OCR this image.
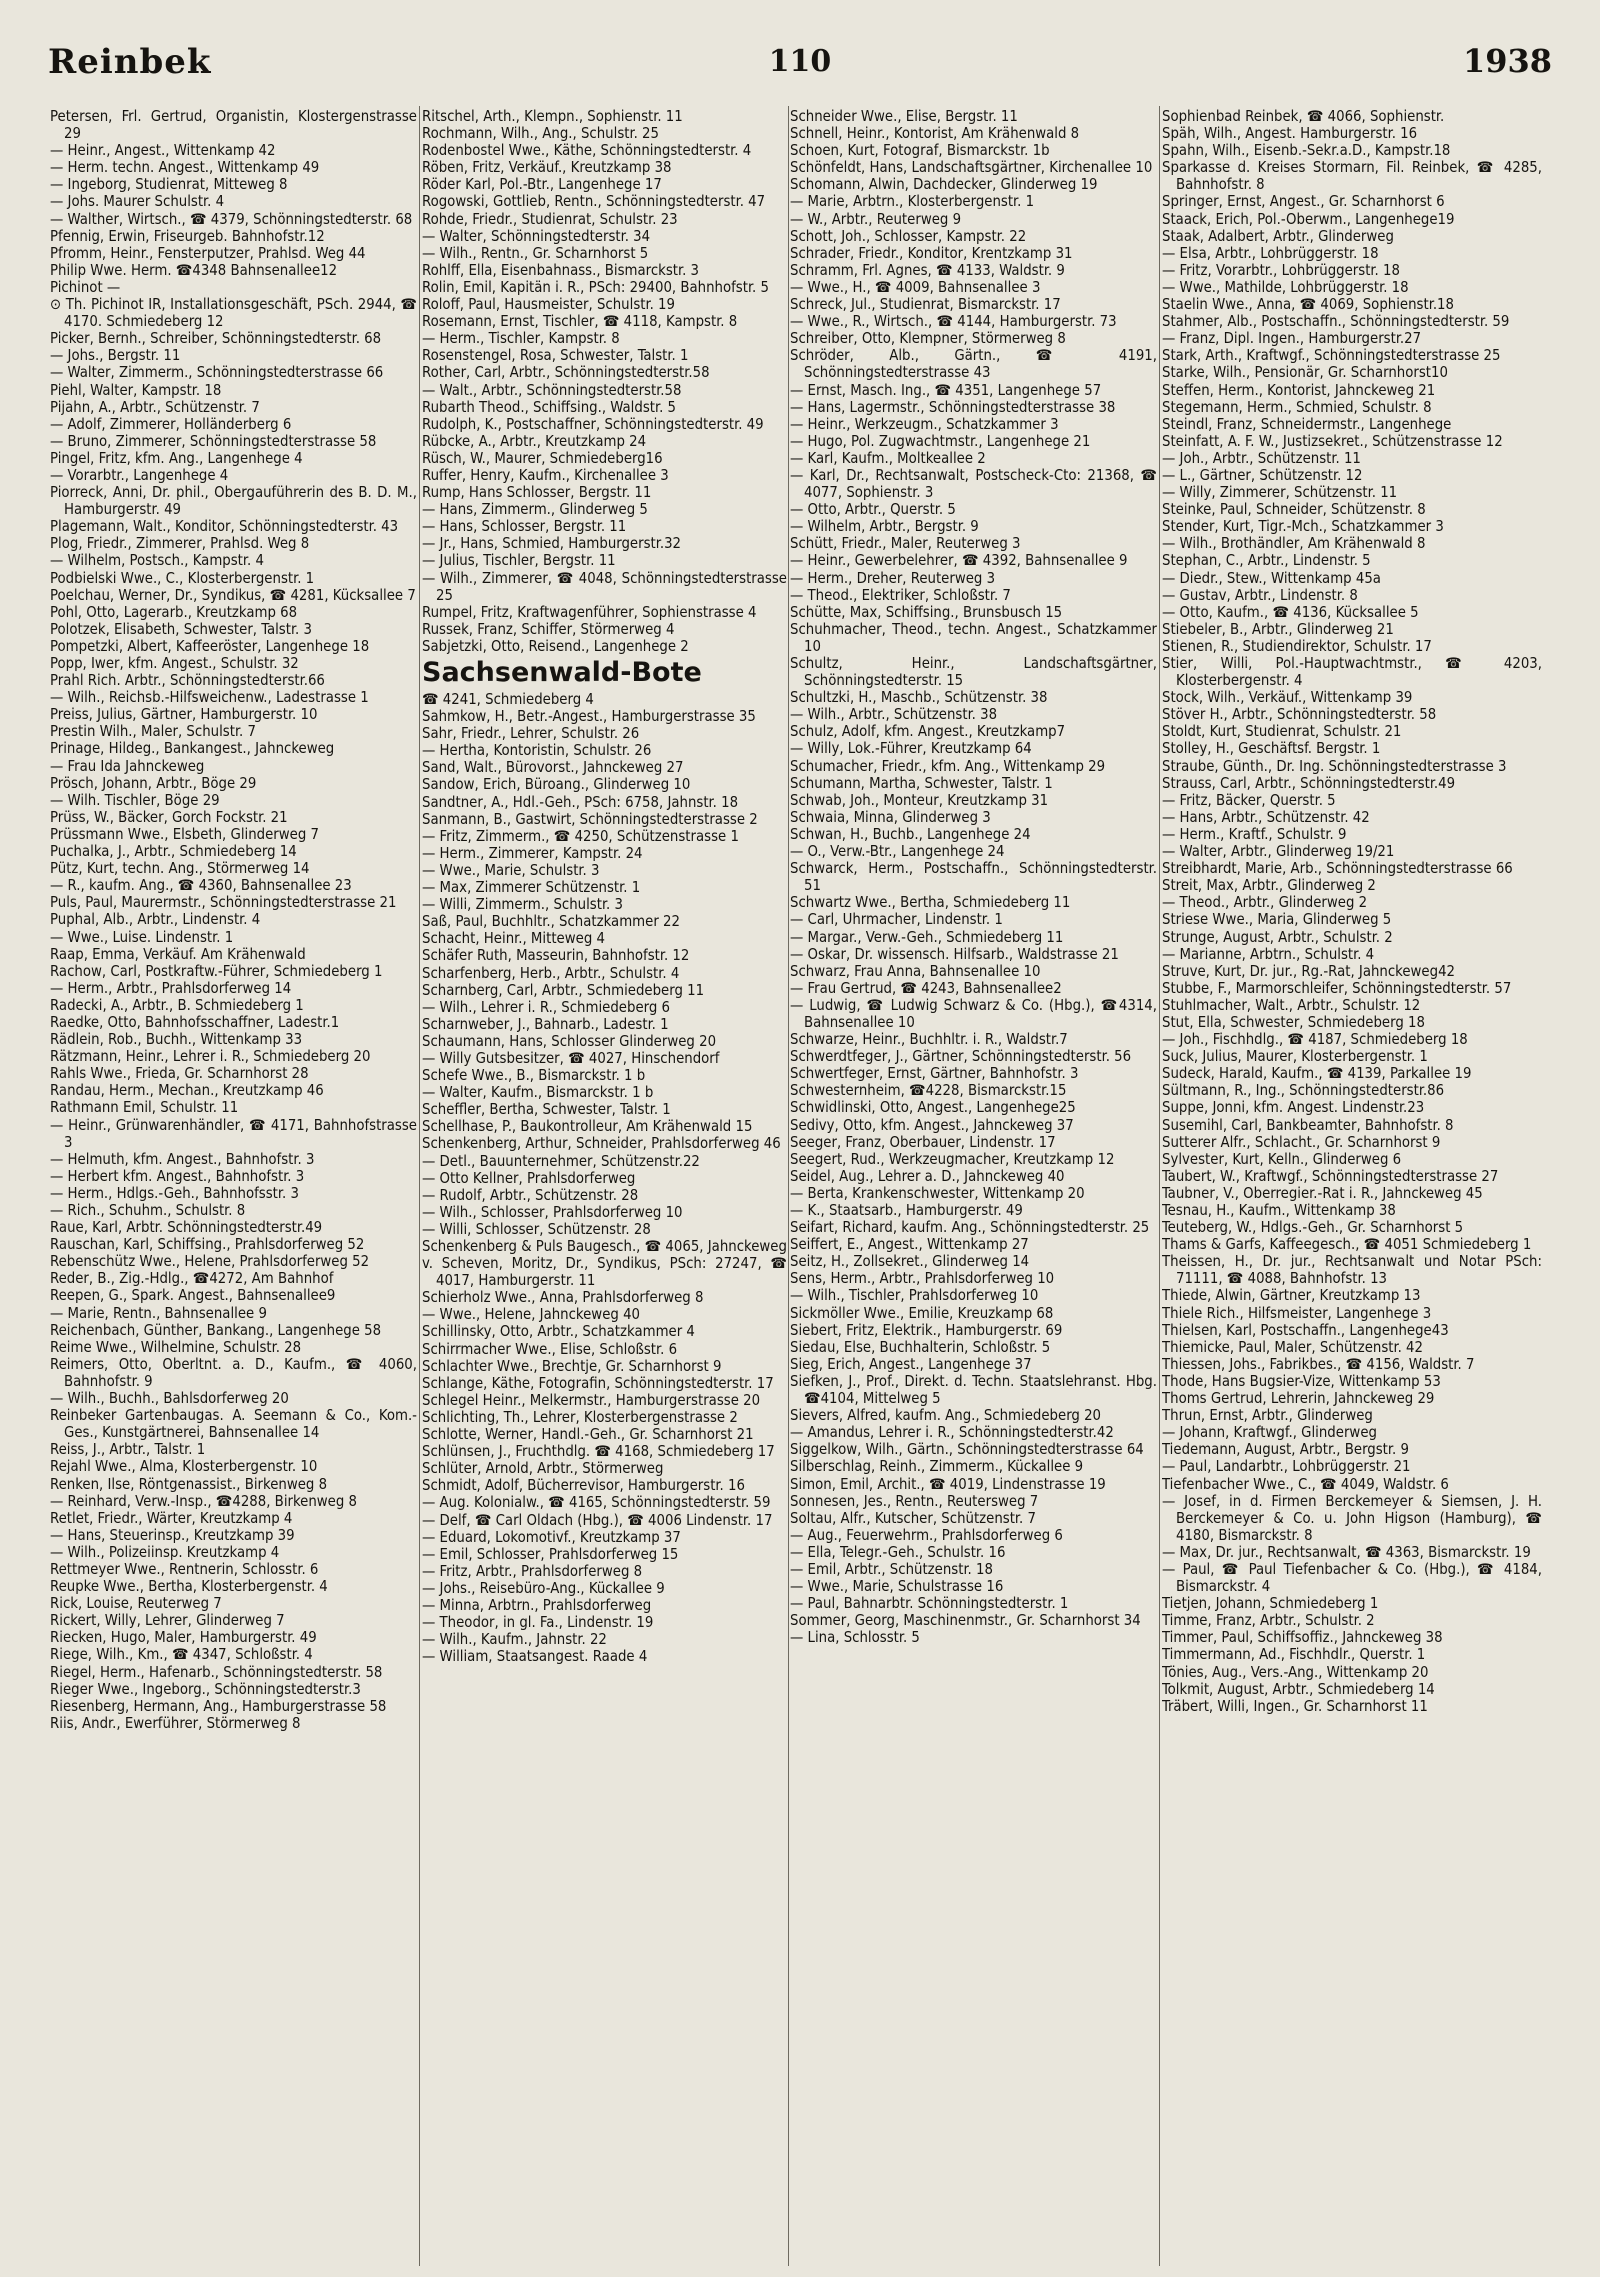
110
Reinbek	1938
Petersen, Frl. Gertrud, Organistin, Klostergenstrasse 29
— Heinr., Angest., Wittenkamp 42
— Herm. techn. Angest., Wittenkamp 49
— Ingeborg, Studienrat, Mitteweg 8
— Johs. Maurer Schulstr. 4
— Walther, Wirtsch., ☎ 4379, Schönningstedterstr. 68
Pfennig, Erwin, Friseurgeb. Bahnhofstr.12
Pfromm, Heinr., Fensterputzer, Prahlsd. Weg 44
Philip Wwe. Herm. ☎4348 Bahnsenallee12
Pichinot —
⊙ Th. Pichinot IR, Installationsgeschäft, PSch. 2944, ☎ 4170. Schmiedeberg 12
Picker, Bernh., Schreiber, Schönningstedterstr. 68
— Johs., Bergstr. 11
— Walter, Zimmerm., Schönningstedterstrasse 66
Piehl, Walter, Kampstr. 18
Pijahn, A., Arbtr., Schützenstr. 7
— Adolf, Zimmerer, Holländerberg 6
— Bruno, Zimmerer, Schönningstedterstrasse 58
Pingel, Fritz, kfm. Ang., Langenhege 4
— Vorarbtr., Langenhege 4
Piorreck, Anni, Dr. phil., Obergauführerin des B. D. M., Hamburgerstr. 49
Plagemann, Walt., Konditor, Schönningstedterstr. 43
Plog, Friedr., Zimmerer, Prahlsd. Weg 8
— Wilhelm, Postsch., Kampstr. 4
Podbielski Wwe., C., Klosterbergenstr. 1
Poelchau, Werner, Dr., Syndikus, ☎ 4281, Kücksallee 7
Pohl, Otto, Lagerarb., Kreutzkamp 68
Polotzek, Elisabeth, Schwester, Talstr. 3
Pompetzki, Albert, Kaffeeröster, Langenhege 18
Popp, Iwer, kfm. Angest., Schulstr. 32
Prahl Rich. Arbtr., Schönningstedterstr.66
— Wilh., Reichsb.-Hilfsweichenw., Ladestrasse 1
Preiss, Julius, Gärtner, Hamburgerstr. 10
Prestin Wilh., Maler, Schulstr. 7
Prinage, Hildeg., Bankangest., Jahnckeweg
— Frau Ida Jahnckeweg
Prösch, Johann, Arbtr., Böge 29
— Wilh. Tischler, Böge 29
Prüss, W., Bäcker, Gorch Fockstr. 21
Prüssmann Wwe., Elsbeth, Glinderweg 7
Puchalka, J., Arbtr., Schmiedeberg 14
Pütz, Kurt, techn. Ang., Störmerweg 14
— R., kaufm. Ang., ☎ 4360, Bahnsenallee 23
Puls, Paul, Maurermstr., Schönningstedterstrasse 21
Puphal, Alb., Arbtr., Lindenstr. 4
— Wwe., Luise. Lindenstr. 1
Raap, Emma, Verkäuf. Am Krähenwald
Rachow, Carl, Postkraftw.-Führer, Schmiedeberg 1
— Herm., Arbtr., Prahlsdorferweg 14
Radecki, A., Arbtr., B. Schmiedeberg 1
Raedke, Otto, Bahnhofsschaffner, Ladestr.1
Rädlein, Rob., Buchh., Wittenkamp 33
Rätzmann, Heinr., Lehrer i. R., Schmiedeberg 20
Rahls Wwe., Frieda, Gr. Scharnhorst 28
Randau, Herm., Mechan., Kreutzkamp 46
Rathmann Emil, Schulstr. 11
— Heinr., Grünwarenhändler, ☎ 4171, Bahnhofstrasse 3
— Helmuth, kfm. Angest., Bahnhofstr. 3
— Herbert kfm. Angest., Bahnhofstr. 3
— Herm., Hdlgs.-Geh., Bahnhofsstr. 3
— Rich., Schuhm., Schulstr. 8
Raue, Karl, Arbtr. Schönningstedterstr.49
Rauschan, Karl, Schiffsing., Prahlsdorferweg 52
Rebenschütz Wwe., Helene, Prahlsdorferweg 52
Reder, B., Zig.-Hdlg., ☎4272, Am Bahnhof
Reepen, G., Spark. Angest., Bahnsenallee9
— Marie, Rentn., Bahnsenallee 9
Reichenbach, Günther, Bankang., Langenhege 58
Reime Wwe., Wilhelmine, Schulstr. 28
Reimers, Otto, Oberltnt. a. D., Kaufm., ☎ 4060, Bahnhofstr. 9
— Wilh., Buchh., Bahlsdorferweg 20
Reinbeker Gartenbaugas. A. Seemann & Co., Kom.-Ges., Kunstgärtnerei, Bahnsenallee 14
Reiss, J., Arbtr., Talstr. 1
Rejahl Wwe., Alma, Klosterbergenstr. 10
Renken, Ilse, Röntgenassist., Birkenweg 8
— Reinhard, Verw.-Insp., ☎4288, Birkenweg 8
Retlet, Friedr., Wärter, Kreutzkamp 4
— Hans, Steuerinsp., Kreutzkamp 39
— Wilh., Polizeiinsp. Kreutzkamp 4
Rettmeyer Wwe., Rentnerin, Schlosstr. 6
Reupke Wwe., Bertha, Klosterbergenstr. 4
Rick, Louise, Reuterweg 7
Rickert, Willy, Lehrer, Glinderweg 7
Riecken, Hugo, Maler, Hamburgerstr. 49
Riege, Wilh., Km., ☎ 4347, Schloßstr. 4
Riegel, Herm., Hafenarb., Schönningstedterstr. 58
Rieger Wwe., Ingeborg., Schönningstedterstr.3
Riesenberg, Hermann, Ang., Hamburgerstrasse 58
Riis, Andr., Ewerführer, Störmerweg 8
Ritschel, Arth., Klempn., Sophienstr. 11
Rochmann, Wilh., Ang., Schulstr. 25
Rodenbostel Wwe., Käthe, Schönningstedterstr. 4
Röben, Fritz, Verkäuf., Kreutzkamp 38
Röder Karl, Pol.-Btr., Langenhege 17
Rogowski, Gottlieb, Rentn., Schönningstedterstr. 47
Rohde, Friedr., Studienrat, Schulstr. 23
— Walter, Schönningstedterstr. 34
— Wilh., Rentn., Gr. Scharnhorst 5
Rohlff, Ella, Eisenbahnass., Bismarckstr. 3
Rolin, Emil, Kapitän i. R., PSch: 29400, Bahnhofstr. 5
Roloff, Paul, Hausmeister, Schulstr. 19
Rosemann, Ernst, Tischler, ☎ 4118, Kampstr. 8
— Herm., Tischler, Kampstr. 8
Rosenstengel, Rosa, Schwester, Talstr. 1
Rother, Carl, Arbtr., Schönningstedterstr.58
— Walt., Arbtr., Schönningstedterstr.58
Rubarth Theod., Schiffsing., Waldstr. 5
Rudolph, K., Postschaffner, Schönningstedterstr. 49
Rübcke, A., Arbtr., Kreutzkamp 24
Rüsch, W., Maurer, Schmiedeberg16
Ruffer, Henry, Kaufm., Kirchenallee 3
Rump, Hans Schlosser, Bergstr. 11
— Hans, Zimmerm., Glinderweg 5
— Hans, Schlosser, Bergstr. 11
— Jr., Hans, Schmied, Hamburgerstr.32
— Julius, Tischler, Bergstr. 11
— Wilh., Zimmerer, ☎ 4048, Schönningstedterstrasse 25
Rumpel, Fritz, Kraftwagenführer, Sophienstrasse 4
Russek, Franz, Schiffer, Störmerweg 4
Sabjetzki, Otto, Reisend., Langenhege 2
Sachsenwald-Bote
☎ 4241, Schmiedeberg 4
Sahmkow, H., Betr.-Angest., Hamburgerstrasse 35
Sahr, Friedr., Lehrer, Schulstr. 26
— Hertha, Kontoristin, Schulstr. 26
Sand, Walt., Bürovorst., Jahnckeweg 27
Sandow, Erich, Büroang., Glinderweg 10
Sandtner, A., Hdl.-Geh., PSch: 6758, Jahnstr. 18
Sanmann, B., Gastwirt, Schönningstedterstrasse 2
— Fritz, Zimmerm., ☎ 4250, Schützenstrasse 1
— Herm., Zimmerer, Kampstr. 24
— Wwe., Marie, Schulstr. 3
— Max, Zimmerer Schützenstr. 1
— Willi, Zimmerm., Schulstr. 3
Saß, Paul, Buchhltr., Schatzkammer 22
Schacht, Heinr., Mitteweg 4
Schäfer Ruth, Masseurin, Bahnhofstr. 12
Scharfenberg, Herb., Arbtr., Schulstr. 4
Scharnberg, Carl, Arbtr., Schmiedeberg 11
— Wilh., Lehrer i. R., Schmiedeberg 6
Scharnweber, J., Bahnarb., Ladestr. 1
Schaumann, Hans, Schlosser Glinderweg 20
— Willy Gutsbesitzer, ☎ 4027, Hinschendorf
Schefe Wwe., B., Bismarckstr. 1 b
— Walter, Kaufm., Bismarckstr. 1 b
Scheffler, Bertha, Schwester, Talstr. 1
Schellhase, P., Baukontrolleur, Am Krähenwald 15
Schenkenberg, Arthur, Schneider, Prahlsdorferweg 46
— Detl., Bauunternehmer, Schützenstr.22
— Otto Kellner, Prahlsdorferweg
— Rudolf, Arbtr., Schützenstr. 28
— Wilh., Schlosser, Prahlsdorferweg 10
— Willi, Schlosser, Schützenstr. 28
Schenkenberg & Puls Baugesch., ☎ 4065, Jahnckeweg
v. Scheven, Moritz, Dr., Syndikus, PSch: 27247, ☎ 4017, Hamburgerstr. 11
Schierholz Wwe., Anna, Prahlsdorferweg 8
— Wwe., Helene, Jahnckeweg 40
Schillinsky, Otto, Arbtr., Schatzkammer 4
Schirrmacher Wwe., Elise, Schloßstr. 6
Schlachter Wwe., Brechtje, Gr. Scharnhorst 9
Schlange, Käthe, Fotografin, Schönningstedterstr. 17
Schlegel Heinr., Melkermstr., Hamburgerstrasse 20
Schlichting, Th., Lehrer, Klosterbergenstrasse 2
Schlotte, Werner, Handl.-Geh., Gr. Scharnhorst 21
Schlünsen, J., Fruchthdlg. ☎ 4168, Schmiedeberg 17
Schlüter, Arnold, Arbtr., Störmerweg
Schmidt, Adolf, Bücherrevisor, Hamburgerstr. 16
— Aug. Kolonialw., ☎ 4165, Schönningstedterstr. 59
— Delf, ☎ Carl Oldach (Hbg.), ☎ 4006 Lindenstr. 17
— Eduard, Lokomotivf., Kreutzkamp 37
— Emil, Schlosser, Prahlsdorferweg 15
— Fritz, Arbtr., Prahlsdorferweg 8
— Johs., Reisebüro-Ang., Kückallee 9
— Minna, Arbtrn., Prahlsdorferweg
— Theodor, in gl. Fa., Lindenstr. 19
— Wilh., Kaufm., Jahnstr. 22
— William, Staatsangest. Raade 4
Schneider Wwe., Elise, Bergstr. 11
Schnell, Heinr., Kontorist, Am Krähenwald 8
Schoen, Kurt, Fotograf, Bismarckstr. 1b
Schönfeldt, Hans, Landschaftsgärtner, Kirchenallee 10
Schomann, Alwin, Dachdecker, Glinderweg 19
— Marie, Arbtrn., Klosterbergenstr. 1
— W., Arbtr., Reuterweg 9
Schott, Joh., Schlosser, Kampstr. 22
Schrader, Friedr., Konditor, Krentzkamp 31
Schramm, Frl. Agnes, ☎ 4133, Waldstr. 9
— Wwe., H., ☎ 4009, Bahnsenallee 3
Schreck, Jul., Studienrat, Bismarckstr. 17
— Wwe., R., Wirtsch., ☎ 4144, Hamburgerstr. 73
Schreiber, Otto, Klempner, Störmerweg 8
Schröder, Alb., Gärtn., ☎ 4191, Schönningstedterstrasse 43
— Ernst, Masch. Ing., ☎ 4351, Langenhege 57
— Hans, Lagermstr., Schönningstedterstrasse 38
— Heinr., Werkzeugm., Schatzkammer 3
— Hugo, Pol. Zugwachtmstr., Langenhege 21
— Karl, Kaufm., Moltkeallee 2
— Karl, Dr., Rechtsanwalt, Postscheck-Cto: 21368, ☎ 4077, Sophienstr. 3
— Otto, Arbtr., Querstr. 5
— Wilhelm, Arbtr., Bergstr. 9
Schütt, Friedr., Maler, Reuterweg 3
— Heinr., Gewerbelehrer, ☎ 4392, Bahnsenallee 9
— Herm., Dreher, Reuterweg 3
— Theod., Elektriker, Schloßstr. 7
Schütte, Max, Schiffsing., Brunsbusch 15
Schuhmacher, Theod., techn. Angest., Schatzkammer 10
Schultz, Heinr., Landschaftsgärtner, Schönningstedterstr. 15
Schultzki, H., Maschb., Schützenstr. 38
— Wilh., Arbtr., Schützenstr. 38
Schulz, Adolf, kfm. Angest., Kreutzkamp7
— Willy, Lok.-Führer, Kreutzkamp 64
Schumacher, Friedr., kfm. Ang., Wittenkamp 29
Schumann, Martha, Schwester, Talstr. 1
Schwab, Joh., Monteur, Kreutzkamp 31
Schwaia, Minna, Glinderweg 3
Schwan, H., Buchb., Langenhege 24
— O., Verw.-Btr., Langenhege 24
Schwarck, Herm., Postschaffn., Schönningstedterstr. 51
Schwartz Wwe., Bertha, Schmiedeberg 11
— Carl, Uhrmacher, Lindenstr. 1
— Margar., Verw.-Geh., Schmiedeberg 11
— Oskar, Dr. wissensch. Hilfsarb., Waldstrasse 21
Schwarz, Frau Anna, Bahnsenallee 10
— Frau Gertrud, ☎ 4243, Bahnsenallee2
— Ludwig, ☎ Ludwig Schwarz & Co. (Hbg.), ☎4314, Bahnsenallee 10
Schwarze, Heinr., Buchhltr. i. R., Waldstr.7
Schwerdtfeger, J., Gärtner, Schönningstedterstr. 56
Schwertfeger, Ernst, Gärtner, Bahnhofstr. 3
Schwesternheim, ☎4228, Bismarckstr.15
Schwidlinski, Otto, Angest., Langenhege25
Sedivy, Otto, kfm. Angest., Jahnckeweg 37
Seeger, Franz, Oberbauer, Lindenstr. 17
Seegert, Rud., Werkzeugmacher, Kreutzkamp 12
Seidel, Aug., Lehrer a. D., Jahnckeweg 40
— Berta, Krankenschwester, Wittenkamp 20
— K., Staatsarb., Hamburgerstr. 49
Seifart, Richard, kaufm. Ang., Schönningstedterstr. 25
Seiffert, E., Angest., Wittenkamp 27
Seitz, H., Zollsekret., Glinderweg 14
Sens, Herm., Arbtr., Prahlsdorferweg 10
— Wilh., Tischler, Prahlsdorferweg 10
Sickmöller Wwe., Emilie, Kreuzkamp 68
Siebert, Fritz, Elektrik., Hamburgerstr. 69
Siedau, Else, Buchhalterin, Schloßstr. 5
Sieg, Erich, Angest., Langenhege 37
Siefken, J., Prof., Direkt. d. Techn. Staatslehranst. Hbg. ☎4104, Mittelweg 5
Sievers, Alfred, kaufm. Ang., Schmiedeberg 20
— Amandus, Lehrer i. R., Schönningstedterstr.42
Siggelkow, Wilh., Gärtn., Schönningstedterstrasse 64
Silberschlag, Reinh., Zimmerm., Kückallee 9
Simon, Emil, Archit., ☎ 4019, Lindenstrasse 19
Sonnesen, Jes., Rentn., Reutersweg 7
Soltau, Alfr., Kutscher, Schützenstr. 7
— Aug., Feuerwehrm., Prahlsdorferweg 6
— Ella, Telegr.-Geh., Schulstr. 16
— Emil, Arbtr., Schützenstr. 18
— Wwe., Marie, Schulstrasse 16
— Paul, Bahnarbtr. Schönningstedterstr. 1
Sommer, Georg, Maschinenmstr., Gr. Scharnhorst 34
— Lina, Schlosstr. 5
Sophienbad Reinbek, ☎ 4066, Sophienstr.
Späh, Wilh., Angest. Hamburgerstr. 16
Spahn, Wilh., Eisenb.-Sekr.a.D., Kampstr.18
Sparkasse d. Kreises Stormarn, Fil. Reinbek, ☎ 4285, Bahnhofstr. 8
Springer, Ernst, Angest., Gr. Scharnhorst 6
Staack, Erich, Pol.-Oberwm., Langenhege19
Staak, Adalbert, Arbtr., Glinderweg
— Elsa, Arbtr., Lohbrüggerstr. 18
— Fritz, Vorarbtr., Lohbrüggerstr. 18
— Wwe., Mathilde, Lohbrüggerstr. 18
Staelin Wwe., Anna, ☎ 4069, Sophienstr.18
Stahmer, Alb., Postschaffn., Schönningstedterstr. 59
— Franz, Dipl. Ingen., Hamburgerstr.27
Stark, Arth., Kraftwgf., Schönningstedterstrasse 25
Starke, Wilh., Pensionär, Gr. Scharnhorst10
Steffen, Herm., Kontorist, Jahnckeweg 21
Stegemann, Herm., Schmied, Schulstr. 8
Steindl, Franz, Schneidermstr., Langenhege
Steinfatt, A. F. W., Justizsekret., Schützenstrasse 12
— Joh., Arbtr., Schützenstr. 11
— L., Gärtner, Schützenstr. 12
— Willy, Zimmerer, Schützenstr. 11
Steinke, Paul, Schneider, Schützenstr. 8
Stender, Kurt, Tigr.-Mch., Schatzkammer 3
— Wilh., Brothändler, Am Krähenwald 8
Stephan, C., Arbtr., Lindenstr. 5
— Diedr., Stew., Wittenkamp 45a
— Gustav, Arbtr., Lindenstr. 8
— Otto, Kaufm., ☎ 4136, Kücksallee 5
Stiebeler, B., Arbtr., Glinderweg 21
Stienen, R., Studiendirektor, Schulstr. 17
Stier, Willi, Pol.-Hauptwachtmstr., ☎ 4203, Klosterbergenstr. 4
Stock, Wilh., Verkäuf., Wittenkamp 39
Stöver H., Arbtr., Schönningstedterstr. 58
Stoldt, Kurt, Studienrat, Schulstr. 21
Stolley, H., Geschäftsf. Bergstr. 1
Straube, Günth., Dr. Ing. Schönningstedterstrasse 3
Strauss, Carl, Arbtr., Schönningstedterstr.49
— Fritz, Bäcker, Querstr. 5
— Hans, Arbtr., Schützenstr. 42
— Herm., Kraftf., Schulstr. 9
— Walter, Arbtr., Glinderweg 19/21
Streibhardt, Marie, Arb., Schönningstedterstrasse 66
Streit, Max, Arbtr., Glinderweg 2
— Theod., Arbtr., Glinderweg 2
Striese Wwe., Maria, Glinderweg 5
Strunge, August, Arbtr., Schulstr. 2
— Marianne, Arbtrn., Schulstr. 4
Struve, Kurt, Dr. jur., Rg.-Rat, Jahnckeweg42
Stubbe, F., Marmorschleifer, Schönningstedterstr. 57
Stuhlmacher, Walt., Arbtr., Schulstr. 12
Stut, Ella, Schwester, Schmiedeberg 18
— Joh., Fischhdlg., ☎ 4187, Schmiedeberg 18
Suck, Julius, Maurer, Klosterbergenstr. 1
Sudeck, Harald, Kaufm., ☎ 4139, Parkallee 19
Sültmann, R., Ing., Schönningstedterstr.86
Suppe, Jonni, kfm. Angest. Lindenstr.23
Susemihl, Carl, Bankbeamter, Bahnhofstr. 8
Sutterer Alfr., Schlacht., Gr. Scharnhorst 9
Sylvester, Kurt, Kelln., Glinderweg 6
Taubert, W., Kraftwgf., Schönningstedterstrasse 27
Taubner, V., Oberregier.-Rat i. R., Jahnckeweg 45
Tesnau, H., Kaufm., Wittenkamp 38
Teuteberg, W., Hdlgs.-Geh., Gr. Scharnhorst 5
Thams & Garfs, Kaffeegesch., ☎ 4051 Schmiedeberg 1
Theissen, H., Dr. jur., Rechtsanwalt und Notar PSch: 71111, ☎ 4088, Bahnhofstr. 13
Thiede, Alwin, Gärtner, Kreutzkamp 13
Thiele Rich., Hilfsmeister, Langenhege 3
Thielsen, Karl, Postschaffn., Langenhege43
Thiemicke, Paul, Maler, Schützenstr. 42
Thiessen, Johs., Fabrikbes., ☎ 4156, Waldstr. 7
Thode, Hans Bugsier-Vize, Wittenkamp 53
Thoms Gertrud, Lehrerin, Jahnckeweg 29
Thrun, Ernst, Arbtr., Glinderweg
— Johann, Kraftwgf., Glinderweg
Tiedemann, August, Arbtr., Bergstr. 9
— Paul, Landarbtr., Lohbrüggerstr. 21
Tiefenbacher Wwe., C., ☎ 4049, Waldstr. 6
— Josef, in d. Firmen Berckemeyer & Siemsen, J. H. Berckemeyer & Co. u. John Higson (Hamburg), ☎ 4180, Bismarckstr. 8
— Max, Dr. jur., Rechtsanwalt, ☎ 4363, Bismarckstr. 19
— Paul, ☎ Paul Tiefenbacher & Co. (Hbg.), ☎ 4184, Bismarckstr. 4
Tietjen, Johann, Schmiedeberg 1
Timme, Franz, Arbtr., Schulstr. 2
Timmer, Paul, Schiffsoffiz., Jahnckeweg 38
Timmermann, Ad., Fischhdlr., Querstr. 1
Tönies, Aug., Vers.-Ang., Wittenkamp 20
Tolkmit, August, Arbtr., Schmiedeberg 14
Träbert, Willi, Ingen., Gr. Scharnhorst 11
